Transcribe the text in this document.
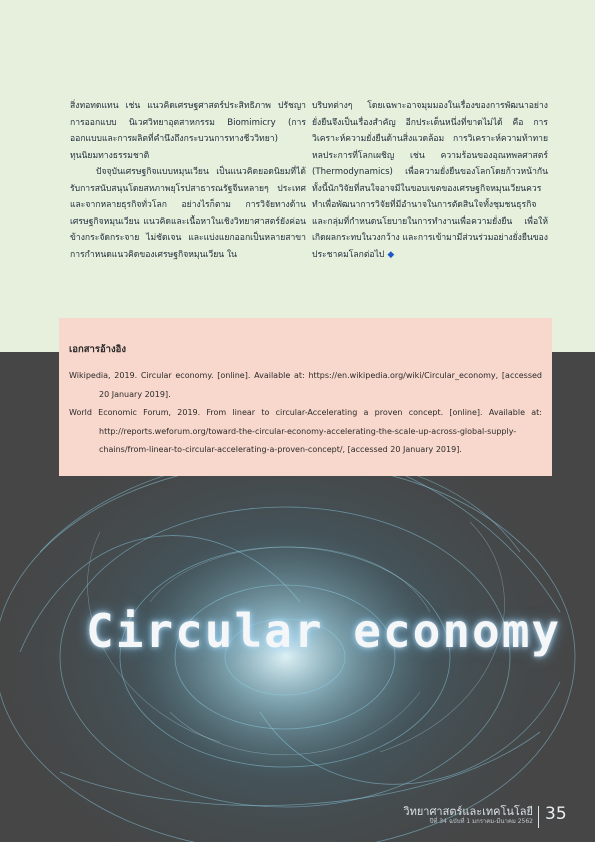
สิ่งทอทดแทน เช่น แนวคิดเศรษฐศาสตร์ประสิทธิภาพ ปรัชญาการออกแบบ นิเวศวิทยาอุตสาหกรรม Biomimicry (การออกแบบและการผลิตที่คำนึงถึงกระบวนการทางชีววิทยา) ทุนนิยมทางธรรมชาติ

ปัจจุบันเศรษฐกิจแบบหมุนเวียน เป็นแนวคิดยอดนิยมที่ได้รับการสนับสนุนโดยสหภาพยุโรปสาธารณรัฐจีนหลายๆ ประเทศ และจากหลายธุรกิจทั่วโลก อย่างไรก็ตาม การวิจัยทางด้านเศรษฐกิจหมุนเวียน แนวคิดและเนื้อหาในเชิงวิทยาศาสตร์ยังค่อนข้างกระจัดกระจาย ไม่ชัดเจน และแบ่งแยกออกเป็นหลายสาขา การกำหนดแนวคิดของเศรษฐกิจหมุนเวียน ใน

บริบทต่างๆ โดยเฉพาะอาจมุมมองในเรื่องของการพัฒนาอย่างยั่งยืนจึงเป็นเรื่องสำคัญ อีกประเด็นหนึ่งที่ขาดไม่ได้ คือ การวิเคราะห์ความยั่งยืนด้านสิ่งแวดล้อม การวิเคราะห์ความท้าทายหลประการที่โลกเผชิญ เช่น ความร้อนของอุณหพลศาสตร์ (Thermodynamics) เพื่อความยั่งยืนของโลกโดยก้าวหน้ากันทั้งนี้นักวิจัยที่สนใจอาจมีในขอบเขตของเศรษฐกิจหมุนเวียนควรทำเพื่อพัฒนาการวิจัยที่มีอำนาจในการตัดสินใจทั้งชุมชนธุรกิจและกลุ่มที่กำหนดนโยบายในการทำงานเพื่อความยั่งยืน เพื่อให้เกิดผลกระทบในวงกว้าง และการเข้ามามีส่วนร่วมอย่างยั่งยืนของประชาคมโลกต่อไป ◆

เอกสารอ้างอิง
Wikipedia, 2019. Circular economy. [online]. Available at: https://en.wikipedia.org/wiki/Circular_economy, [accessed 20 January 2019].
World Economic Forum, 2019. From linear to circular-Accelerating a proven concept. [online]. Available at: http://reports.weforum.org/toward-the-circular-economy-accelerating-the-scale-up-across-global-supply-chains/from-linear-to-circular-accelerating-a-proven-concept/, [accessed 20 January 2019].
Circular economy
วิทยาศาสตร์และเทคโนโลยี
ปีที่ 34 ฉบับที่ 1 มกราคม-มีนาคม 2562 35
